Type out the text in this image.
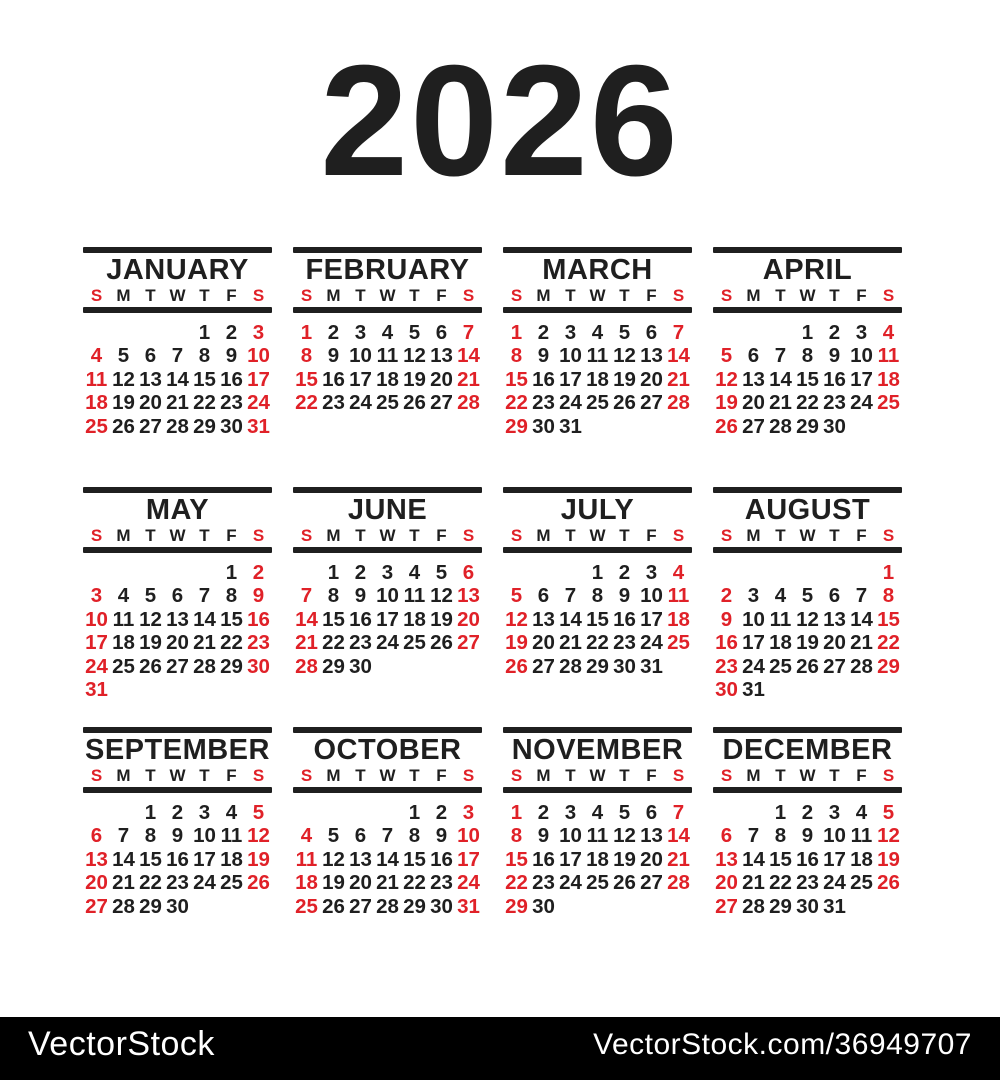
2026
JANUARY
S M T W T F S
1 2 3
4 5 6 7 8 9 10
11 12 13 14 15 16 17
18 19 20 21 22 23 24
25 26 27 28 29 30 31
FEBRUARY
S M T W T F S
1 2 3 4 5 6 7
8 9 10 11 12 13 14
15 16 17 18 19 20 21
22 23 24 25 26 27 28
MARCH
S M T W T F S
1 2 3 4 5 6 7
8 9 10 11 12 13 14
15 16 17 18 19 20 21
22 23 24 25 26 27 28
29 30 31
APRIL
S M T W T F S
1 2 3 4
5 6 7 8 9 10 11
12 13 14 15 16 17 18
19 20 21 22 23 24 25
26 27 28 29 30
MAY
S M T W T F S
1 2
3 4 5 6 7 8 9
10 11 12 13 14 15 16
17 18 19 20 21 22 23
24 25 26 27 28 29 30
31
JUNE
S M T W T F S
1 2 3 4 5 6
7 8 9 10 11 12 13
14 15 16 17 18 19 20
21 22 23 24 25 26 27
28 29 30
JULY
S M T W T F S
1 2 3 4
5 6 7 8 9 10 11
12 13 14 15 16 17 18
19 20 21 22 23 24 25
26 27 28 29 30 31
AUGUST
S M T W T F S
1
2 3 4 5 6 7 8
9 10 11 12 13 14 15
16 17 18 19 20 21 22
23 24 25 26 27 28 29
30 31
SEPTEMBER
S M T W T F S
1 2 3 4 5
6 7 8 9 10 11 12
13 14 15 16 17 18 19
20 21 22 23 24 25 26
27 28 29 30
OCTOBER
S M T W T F S
1 2 3
4 5 6 7 8 9 10
11 12 13 14 15 16 17
18 19 20 21 22 23 24
25 26 27 28 29 30 31
NOVEMBER
S M T W T F S
1 2 3 4 5 6 7
8 9 10 11 12 13 14
15 16 17 18 19 20 21
22 23 24 25 26 27 28
29 30
DECEMBER
S M T W T F S
1 2 3 4 5
6 7 8 9 10 11 12
13 14 15 16 17 18 19
20 21 22 23 24 25 26
27 28 29 30 31
VectorStock	VectorStock.com/36949707
